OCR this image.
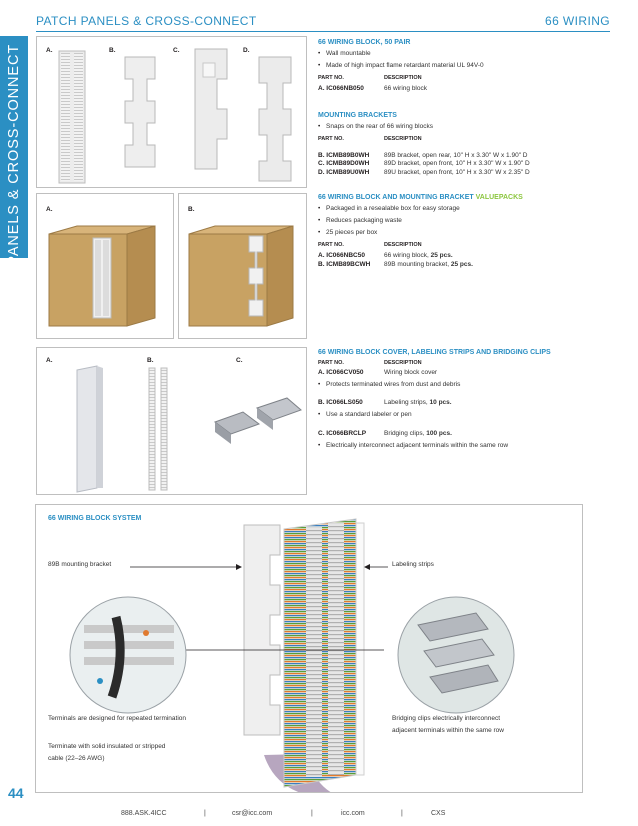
PATCH PANELS & CROSS-CONNECT	66 WIRING
PATCH PANELS & CROSS-CONNECT	A.	B.	C.	D.
A.	B.
A.	B.	C.
66 WIRING BLOCK, 50 PAIR
• Wall mountable
• Made of high impact flame retardant material UL 94V-0
PART NO.	DESCRIPTION
A. IC066NB050	66 wiring block
MOUNTING BRACKETS
• Snaps on the rear of 66 wiring blocks
PART NO.	DESCRIPTION
B. ICMB89B0WH	89B bracket, open rear, 10" H x 3.30" W x 1.90" D
C. ICMB89D0WH	89D bracket, open front, 10" H x 3.30" W x 1.90" D
D. ICMB89U0WH	89U bracket, open front, 10" H x 3.30" W x 2.35" D
66 WIRING BLOCK AND MOUNTING BRACKET VALUEPACKS
• Packaged in a resealable box for easy storage
• Reduces packaging waste
• 25 pieces per box
PART NO.	DESCRIPTION
A. IC066NBC50	66 wiring block, 25 pcs.
B. ICMB89BCWH	89B mounting bracket, 25 pcs.
66 WIRING BLOCK COVER, LABELING STRIPS AND BRIDGING CLIPS
PART NO.	DESCRIPTION
A. IC066CV050	Wiring block cover
• Protects terminated wires from dust and debris
B. IC066LS050	Labeling strips, 10 pcs.
• Use a standard labeler or pen
C. IC066BRCLP	Bridging clips, 100 pcs.
• Electrically interconnect adjacent terminals within the same row
66 WIRING BLOCK SYSTEM
89B mounting bracket	Labeling strips
Terminals are designed for repeated termination	Bridging clips electrically interconnect
adjacent terminals within the same row
Terminate with solid insulated or stripped
cable (22–26 AWG)
44
888.ASK.4ICC	|	csr@icc.com	|	icc.com	|	CXS
